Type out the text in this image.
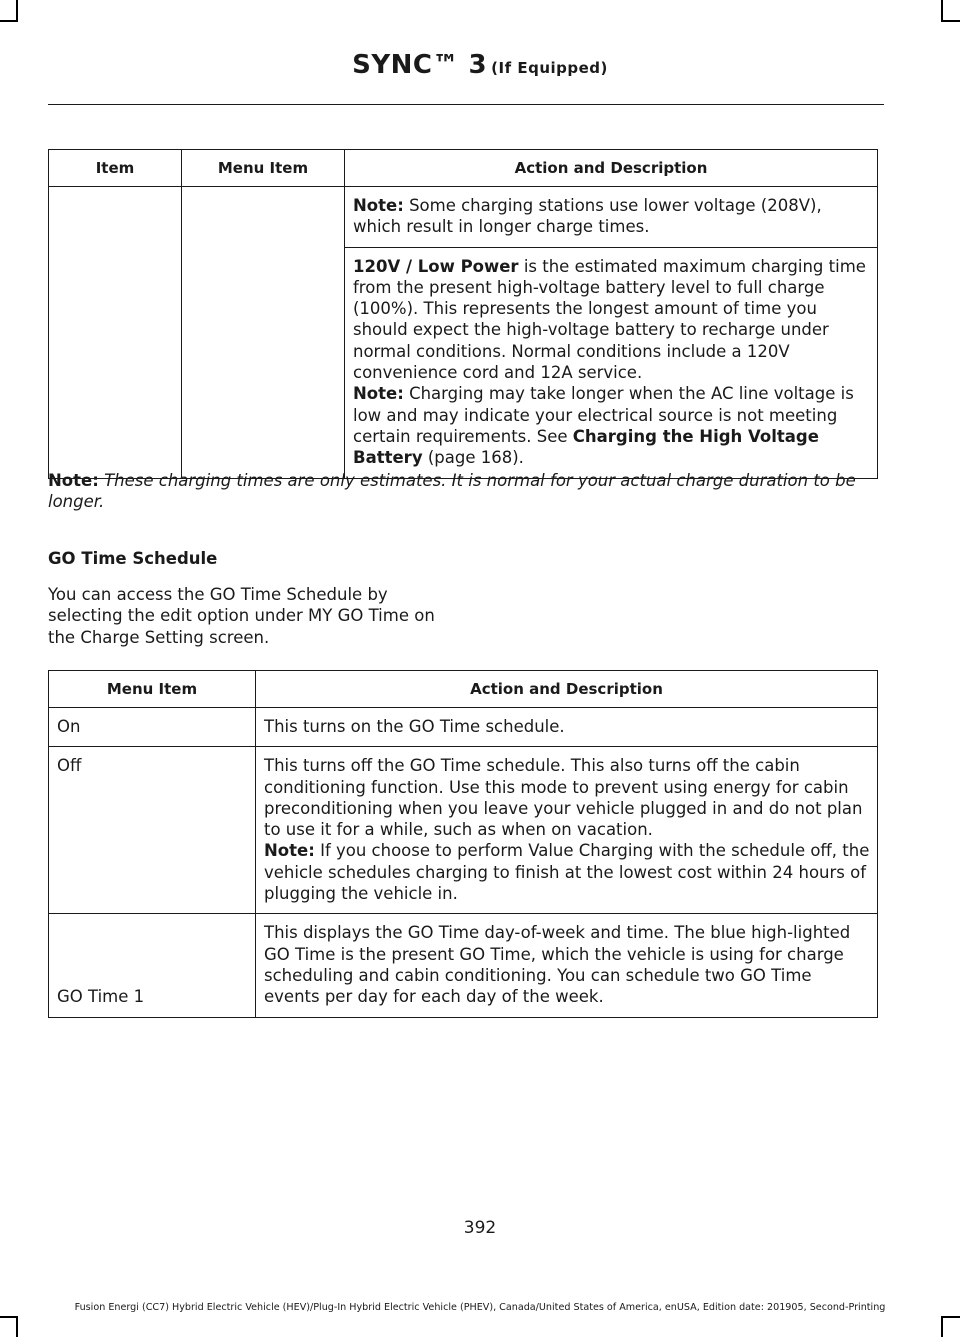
SYNC™ 3 (If Equipped)
Item	Menu Item	Action and Description
		Note: Some charging stations use lower voltage (208V), which result in longer charge times.

		120V / Low Power is the estimated maximum charging time from the present high-voltage battery level to full charge (100%). This represents the longest amount of time you should expect the high-voltage battery to recharge under normal conditions. Normal conditions include a 120V convenience cord and 12A service.
Note: Charging may take longer when the AC line voltage is low and may indicate your electrical source is not meeting certain requirements. See Charging the High Voltage Battery (page 168).
Note: These charging times are only estimates. It is normal for your actual charge duration to be longer.
GO Time Schedule
You can access the GO Time Schedule by selecting the edit option under MY GO Time on the Charge Setting screen.
Menu Item	Action and Description
On	This turns on the GO Time schedule.
Off	This turns off the GO Time schedule. This also turns off the cabin conditioning function. Use this mode to prevent using energy for cabin preconditioning when you leave your vehicle plugged in and do not plan to use it for a while, such as when on vacation.
Note: If you choose to perform Value Charging with the schedule off, the vehicle schedules charging to finish at the lowest cost within 24 hours of plugging the vehicle in.

GO Time 1	This displays the GO Time day-of-week and time. The blue high-lighted GO Time is the present GO Time, which the vehicle is using for charge scheduling and cabin conditioning. You can schedule two GO Time events per day for each day of the week.
392
Fusion Energi (CC7) Hybrid Electric Vehicle (HEV)/Plug-In Hybrid Electric Vehicle (PHEV), Canada/United States of America, enUSA, Edition date: 201905, Second-Printing
